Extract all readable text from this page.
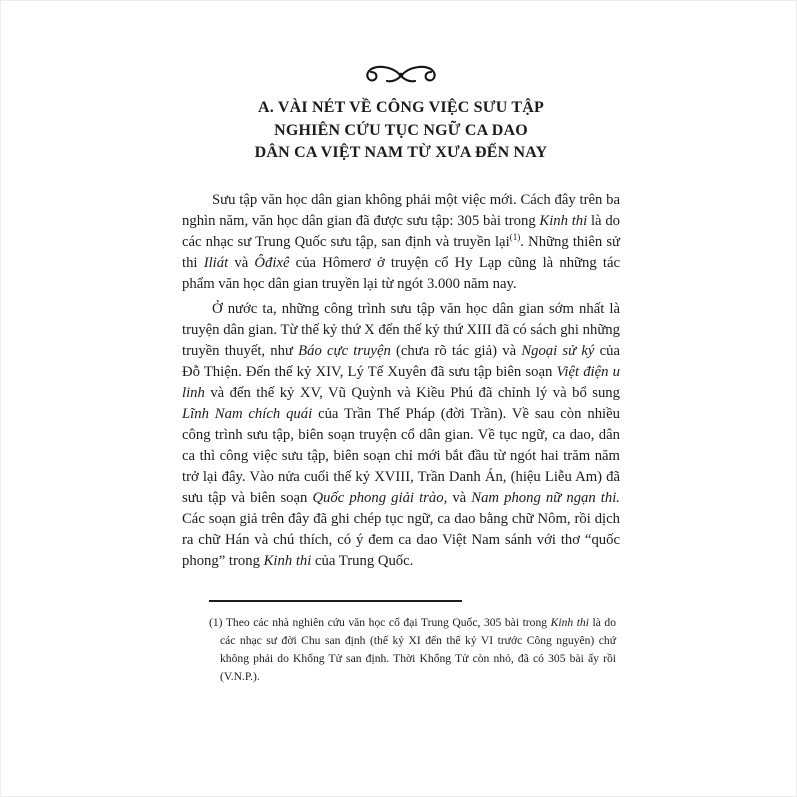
A. VÀI NÉT VỀ CÔNG VIỆC SƯU TẬP
NGHIÊN CỨU TỤC NGỮ CA DAO
DÂN CA VIỆT NAM TỪ XƯA ĐẾN NAY

Sưu tập văn học dân gian không phải một việc mới. Cách đây trên ba nghìn năm, văn học dân gian đã được sưu tập: 305 bài trong Kinh thi là do các nhạc sư Trung Quốc sưu tập, san định và truyền lại$^{(1)}$. Những thiên sử thi Iliát và Ôđixê của Hômerơ ở truyện cổ Hy Lạp cũng là những tác phẩm văn học dân gian truyền lại từ ngót 3.000 năm nay.

Ở nước ta, những công trình sưu tập văn học dân gian sớm nhất là truyện dân gian. Từ thế kỷ thứ X đến thế kỷ thứ XIII đã có sách ghi những truyền thuyết, như Báo cực truyện (chưa rõ tác giả) và Ngoại sử ký của Đỗ Thiện. Đến thế kỷ XIV, Lý Tế Xuyên đã sưu tập biên soạn Việt điện u linh và đến thế kỷ XV, Vũ Quỳnh và Kiều Phú đã chỉnh lý và bổ sung Lĩnh Nam chích quái của Trần Thế Pháp (đời Trần). Về sau còn nhiều công trình sưu tập, biên soạn truyện cổ dân gian. Về tục ngữ, ca dao, dân ca thì công việc sưu tập, biên soạn chỉ mới bắt đầu từ ngót hai trăm năm trở lại đây. Vào nửa cuối thế kỷ XVIII, Trần Danh Án, (hiệu Liễu Am) đã sưu tập và biên soạn Quốc phong giải trào, và Nam phong nữ ngạn thi. Các soạn giả trên đây đã ghi chép tục ngữ, ca dao bằng chữ Nôm, rồi dịch ra chữ Hán và chú thích, có ý đem ca dao Việt Nam sánh với thơ “quốc phong” trong Kinh thi của Trung Quốc.

(1) Theo các nhà nghiên cứu văn học cổ đại Trung Quốc, 305 bài trong Kinh thi là do các nhạc sư đời Chu san định (thế kỷ XI đến thế kỷ VI trước Công nguyên) chứ không phải do Khổng Tử san định. Thời Khổng Tử còn nhỏ, đã có 305 bài ấy rồi (V.N.P.).
